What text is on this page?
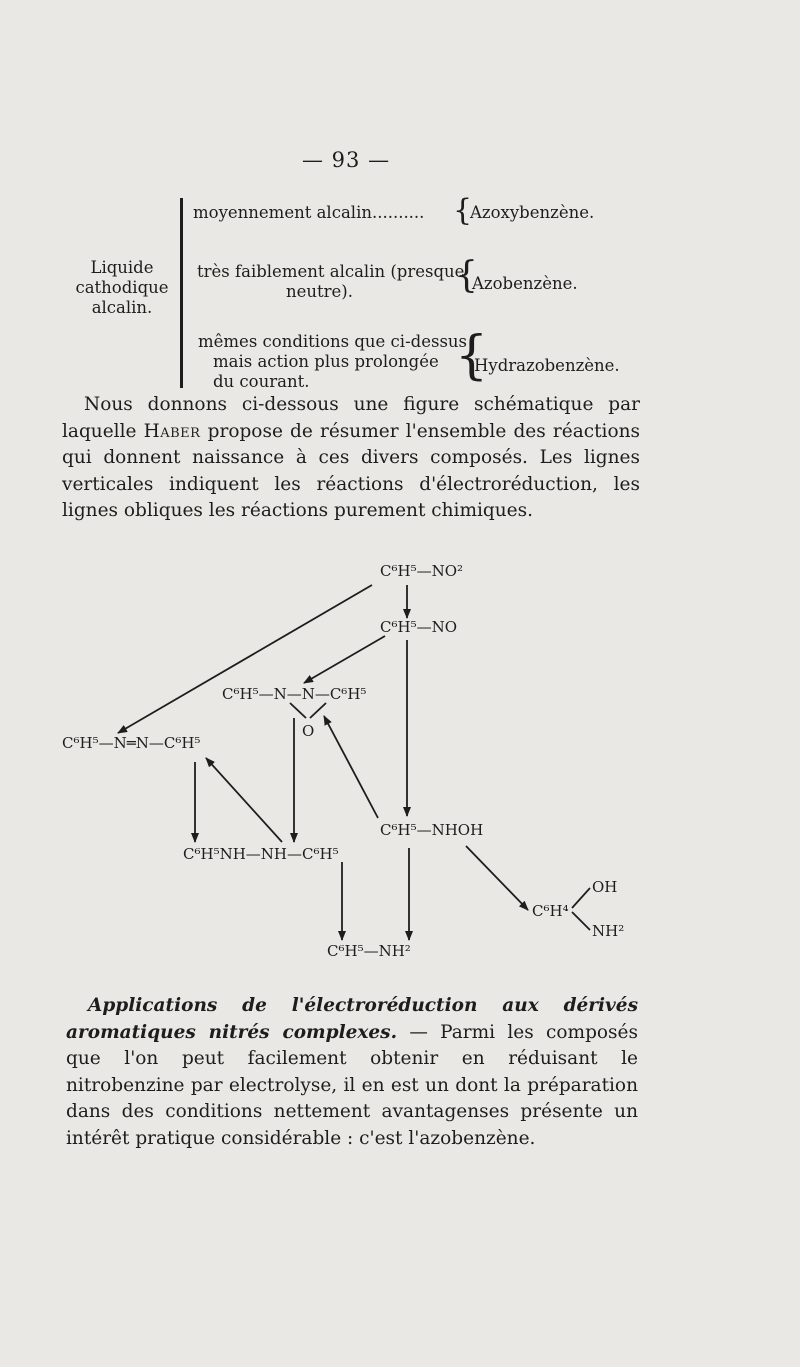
— 93 —
Liquide
cathodique
alcalin.
moyennement alcalin.......... {
Azoxybenzène.
très faiblement alcalin (presque
neutre).	{
Azobenzène.
mêmes conditions que ci-dessus
mais action plus prolongée
du courant.	{
Hydrazobenzène.

Nous donnons ci-dessous une figure schématique par laquelle Haber propose de résumer l'ensemble des réactions qui donnent naissance à ces divers composés. Les lignes verticales indiquent les réactions d'électroréduction, les lignes obliques les réactions purement chimiques.

C⁶H⁵—NO²
C⁶H⁵—NO
C⁶H⁵—N—N—C⁶H⁵
O
C⁶H⁵—N═N—C⁶H⁵
C⁶H⁵—NHOH
C⁶H⁵NH—NH—C⁶H⁵
C⁶H⁵—NH²
C⁶H⁴
OH
NH²

Applications de l'électroréduction aux dérivés aromatiques nitrés complexes. — Parmi les composés que l'on peut facilement obtenir en réduisant le nitrobenzine par electrolyse, il en est un dont la préparation dans des conditions nettement avantagenses présente un intérêt pratique considérable : c'est l'azobenzène.
